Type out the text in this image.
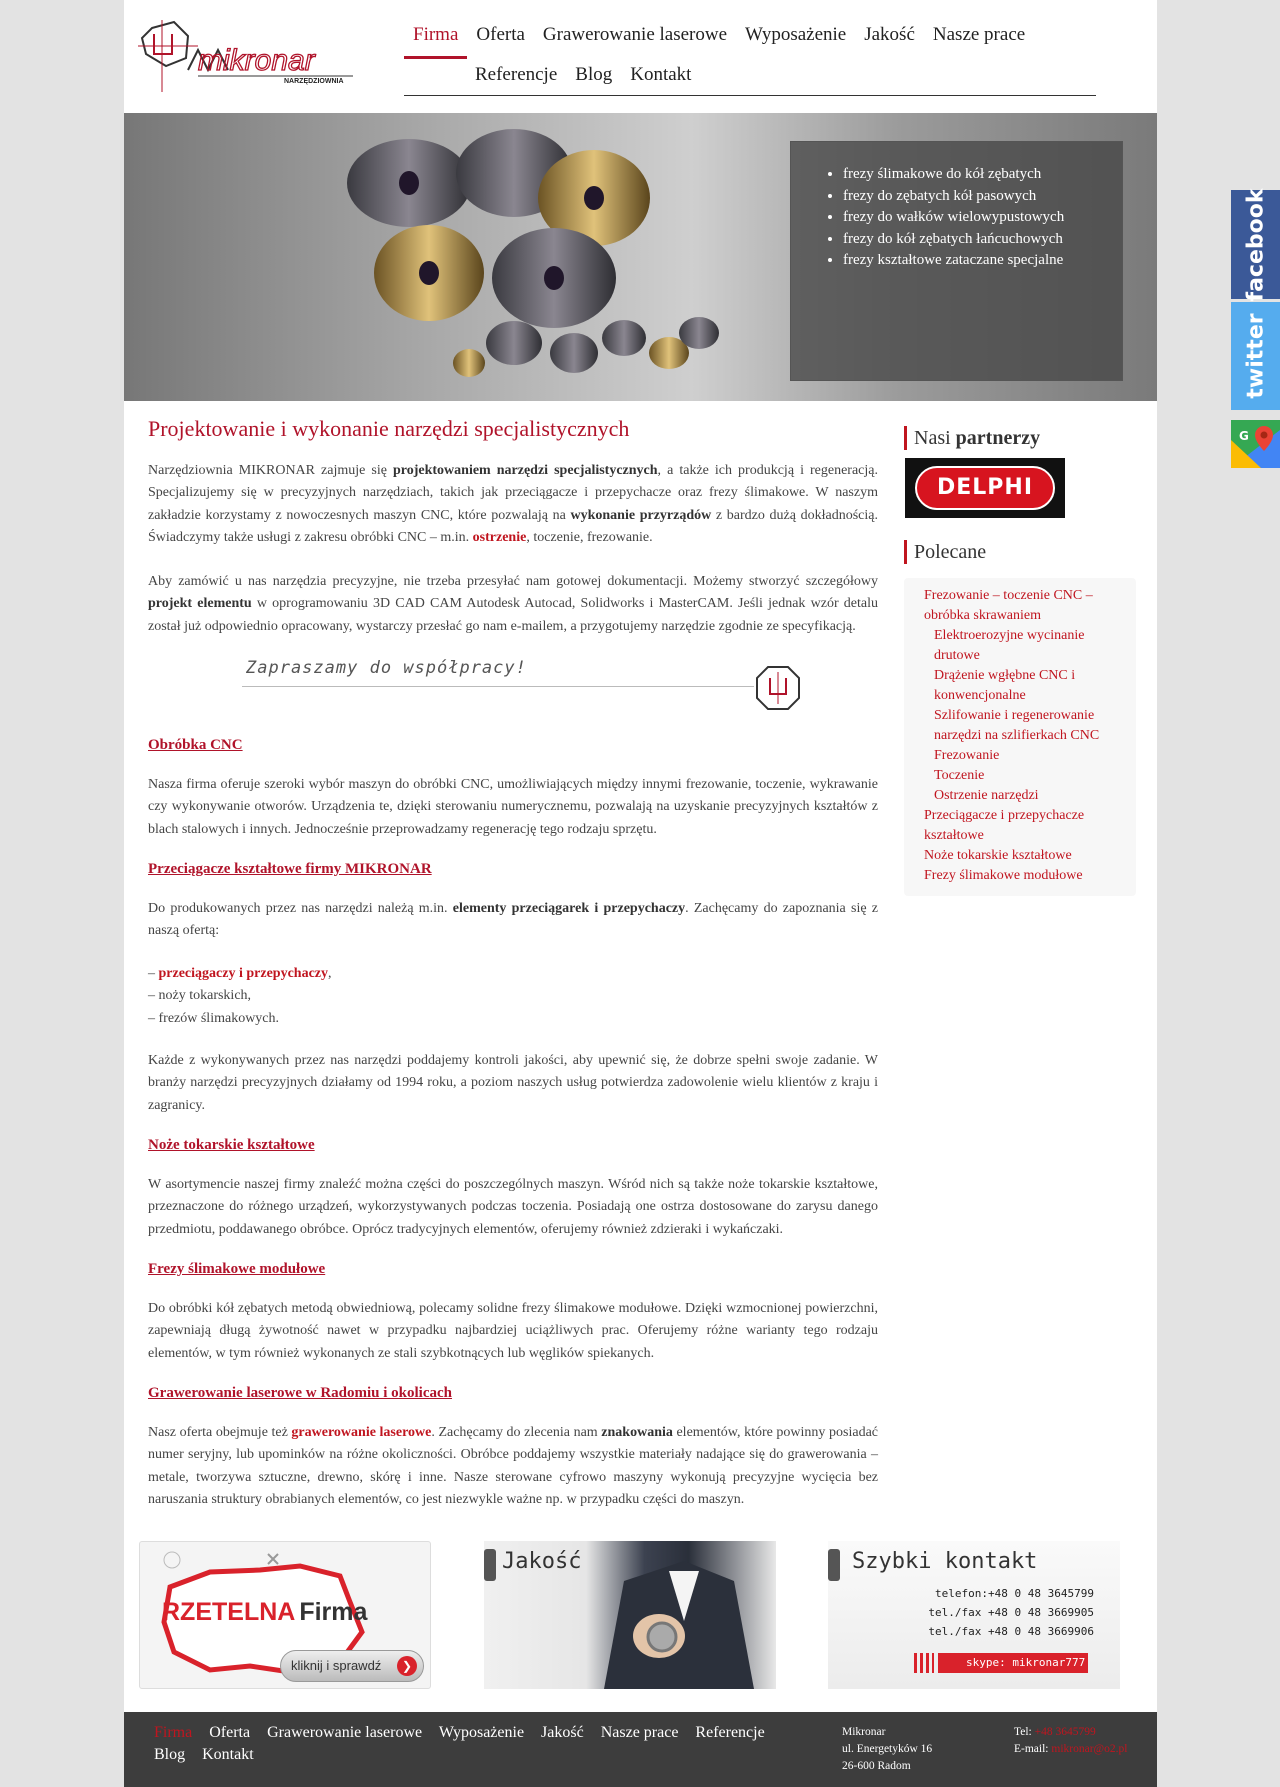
mikronar
NARZĘDZIOWNIA
Firma Oferta Grawerowanie laserowe Wyposażenie Jakość Nasze prace
Referencje Blog Kontakt
• frezy ślimakowe do kół zębatych
• frezy do zębatych kół pasowych
• frezy do wałków wielowypustowych
• frezy do kół zębatych łańcuchowych
• frezy kształtowe zataczane specjalne
Projektowanie i wykonanie narzędzi specjalistycznych

Narzędziownia MIKRONAR zajmuje się projektowaniem narzędzi specjalistycznych, a także ich produkcją i regeneracją. Specjalizujemy się w precyzyjnych narzędziach, takich jak przeciągacze i przepychacze oraz frezy ślimakowe. W naszym zakładzie korzystamy z nowoczesnych maszyn CNC, które pozwalają na wykonanie przyrządów z bardzo dużą dokładnością. Świadczymy także usługi z zakresu obróbki CNC – m.in. ostrzenie, toczenie, frezowanie.

Aby zamówić u nas narzędzia precyzyjne, nie trzeba przesyłać nam gotowej dokumentacji. Możemy stworzyć szczegółowy projekt elementu w oprogramowaniu 3D CAD CAM Autodesk Autocad, Solidworks i MasterCAM. Jeśli jednak wzór detalu został już odpowiednio opracowany, wystarczy przesłać go nam e-mailem, a przygotujemy narzędzie zgodnie ze specyfikacją.

Zapraszamy do współpracy!
Obróbka CNC

Nasza firma oferuje szeroki wybór maszyn do obróbki CNC, umożliwiających między innymi frezowanie, toczenie, wykrawanie czy wykonywanie otworów. Urządzenia te, dzięki sterowaniu numerycznemu, pozwalają na uzyskanie precyzyjnych kształtów z blach stalowych i innych. Jednocześnie przeprowadzamy regenerację tego rodzaju sprzętu.

Przeciągacze kształtowe firmy MIKRONAR

Do produkowanych przez nas narzędzi należą m.in. elementy przeciągarek i przepychaczy. Zachęcamy do zapoznania się z naszą ofertą:

– przeciągaczy i przepychaczy,
– noży tokarskich,
– frezów ślimakowych.

Każde z wykonywanych przez nas narzędzi poddajemy kontroli jakości, aby upewnić się, że dobrze spełni swoje zadanie. W branży narzędzi precyzyjnych działamy od 1994 roku, a poziom naszych usług potwierdza zadowolenie wielu klientów z kraju i zagranicy.

Noże tokarskie kształtowe

W asortymencie naszej firmy znaleźć można części do poszczególnych maszyn. Wśród nich są także noże tokarskie kształtowe, przeznaczone do różnego urządzeń, wykorzystywanych podczas toczenia. Posiadają one ostrza dostosowane do zarysu danego przedmiotu, poddawanego obróbce. Oprócz tradycyjnych elementów, oferujemy również zdzieraki i wykańczaki.

Frezy ślimakowe modułowe

Do obróbki kół zębatych metodą obwiedniową, polecamy solidne frezy ślimakowe modułowe. Dzięki wzmocnionej powierzchni, zapewniają długą żywotność nawet w przypadku najbardziej uciążliwych prac. Oferujemy różne warianty tego rodzaju elementów, w tym również wykonanych ze stali szybkotnących lub węglików spiekanych.

Grawerowanie laserowe w Radomiu i okolicach

Nasz oferta obejmuje też grawerowanie laserowe. Zachęcamy do zlecenia nam znakowania elementów, które powinny posiadać numer seryjny, lub upominków na różne okoliczności. Obróbce poddajemy wszystkie materiały nadające się do grawerowania – metale, tworzywa sztuczne, drewno, skórę i inne. Nasze sterowane cyfrowo maszyny wykonują precyzyjne wycięcia bez naruszania struktury obrabianych elementów, co jest niezwykle ważne np. w przypadku części do maszyn.

Nasi partnerzy
DELPHI
Polecane
Frezowanie – toczenie CNC – obróbka skrawaniem
Elektroerozyjne wycinanie drutowe
Drążenie wgłębne CNC i konwencjonalne
Szlifowanie i regenerowanie narzędzi na szlifierkach CNC
Frezowanie
Toczenie
Ostrzenie narzędzi
Przeciągacze i przepychacze kształtowe
Noże tokarskie kształtowe
Frezy ślimakowe modułowe
RZETELNA Firma
kliknij i sprawdź	❯
Jakość	Szybki kontakt
telefon:+48 0 48 3645799
tel./fax +48 0 48 3669905
tel./fax +48 0 48 3669906
skype: mikronar777
Firma Oferta Grawerowanie laserowe Wyposażenie Jakość Nasze prace Referencje Blog Kontakt
Mikronar
ul. Energetyków 16
26-600 Radom
Tel: +48 3645799
E-mail: mikronar@o2.pl
facebook
twitter
G
